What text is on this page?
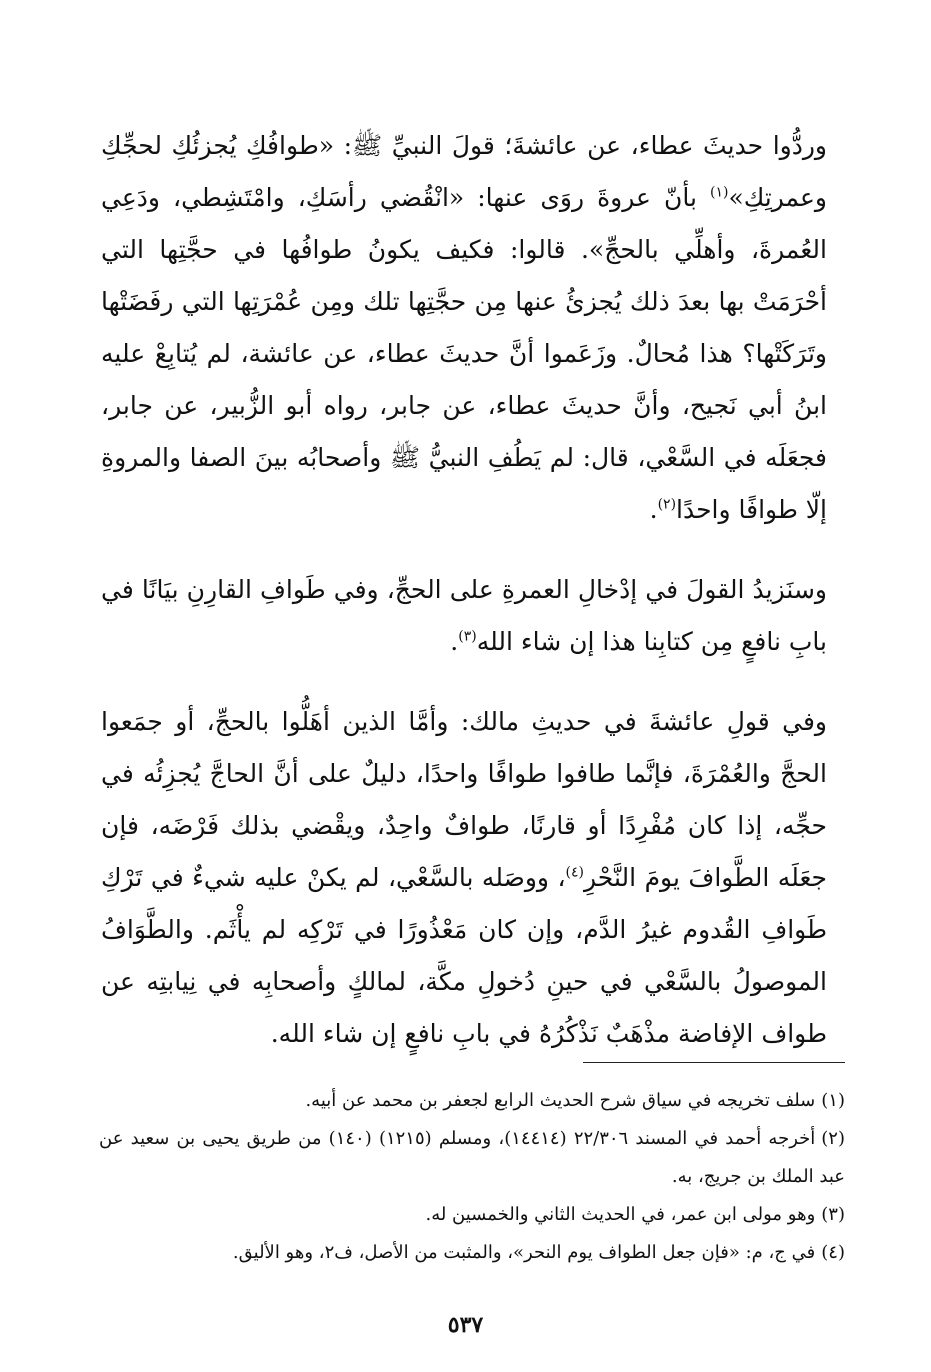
وردُّوا حديثَ عطاء، عن عائشةَ؛ قولَ النبيِّ ﷺ: «طوافُكِ يُجزئُكِ لحجِّكِ وعمرتِكِ»$^{(١)}$ بأنّ عروةَ روَى عنها: «انْقُضي رأسَكِ، وامْتَشِطي، ودَعِي العُمرةَ، وأهلِّي بالحجِّ». قالوا: فكيف يكونُ طوافُها في حجَّتِها التي أحْرَمَتْ بها بعدَ ذلك يُجزئُ عنها مِن حجَّتِها تلك ومِن عُمْرَتِها التي رفَضَتْها وتَرَكَتْها؟ هذا مُحالٌ. وزَعَموا أنَّ حديثَ عطاء، عن عائشة، لم يُتابِعْ عليه ابنُ أبي نَجيح، وأنَّ حديثَ عطاء، عن جابر، رواه أبو الزُّبير، عن جابر، فجعَلَه في السَّعْي، قال: لم يَطُفِ النبيُّ ﷺ وأصحابُه بينَ الصفا والمروةِ إلّا طوافًا واحدًا$^{(٢)}$.

وسنَزيدُ القولَ في إدْخالِ العمرةِ على الحجِّ، وفي طَوافِ القارِنِ بيَانًا في بابِ نافعٍ مِن كتابِنا هذا إن شاء الله$^{(٣)}$.

وفي قولِ عائشةَ في حديثِ مالك: وأمَّا الذين أهَلُّوا بالحجِّ، أو جمَعوا الحجَّ والعُمْرَةَ، فإنَّما طافوا طوافًا واحدًا، دليلٌ على أنَّ الحاجَّ يُجزِئُه في حجِّه، إذا كان مُفْرِدًا أو قارنًا، طوافٌ واحِدٌ، ويقْضي بذلك فَرْضَه، فإن جعَلَه الطَّوافَ يومَ النَّحْرِ$^{(٤)}$، ووصَله بالسَّعْي، لم يكنْ عليه شيءٌ في تَرْكِ طَوافِ القُدوم غيرُ الدَّم، وإن كان مَعْذُورًا في تَرْكِه لم يأْثَم. والطَّوَافُ الموصولُ بالسَّعْي في حينِ دُخولِ مكَّة، لمالكٍ وأصحابِه في نِيابتِه عن طواف الإفاضة مذْهَبٌ نَذْكُرُهُ في بابِ نافعٍ إن شاء الله.

(١)سلف تخريجه في سياق شرح الحديث الرابع لجعفر بن محمد عن أبيه.

(٢)أخرجه أحمد في المسند ٢٢/٣٠٦ (١٤٤١٤)، ومسلم (١٢١٥) (١٤٠) من طريق يحيى بن سعيد عن عبد الملك بن جريج، به.

(٣)وهو مولى ابن عمر، في الحديث الثاني والخمسين له.

(٤)في ج، م: «فإن جعل الطواف يوم النحر»، والمثبت من الأصل، ف٢، وهو الأليق.

٥٣٧
